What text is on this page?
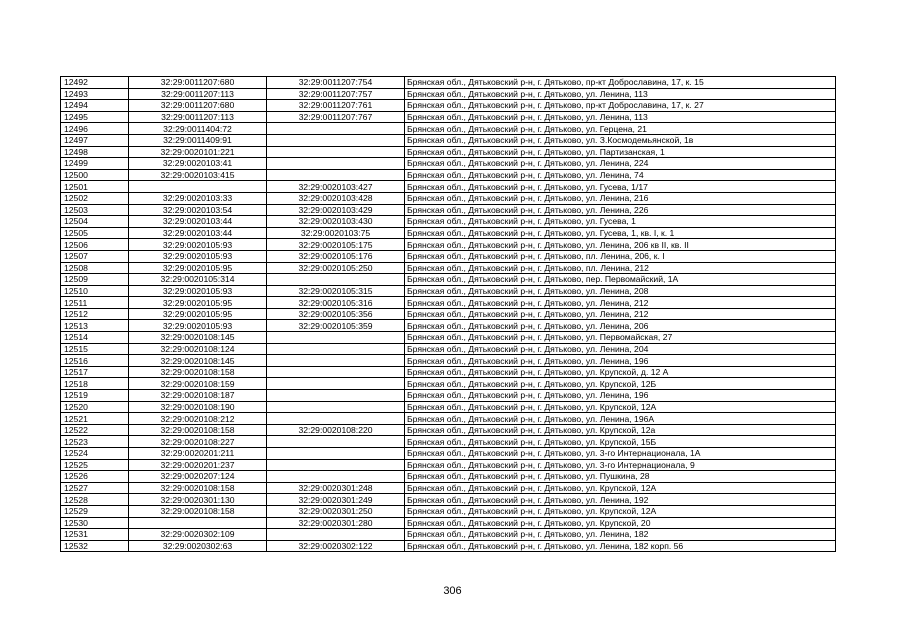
12492	32:29:0011207:680	32:29:0011207:754	Брянская обл., Дятьковский р-н, г. Дятьково, пр-кт Доброславина, 17, к. 15
12493	32:29:0011207:113	32:29:0011207:757	Брянская обл., Дятьковский р-н, г. Дятьково, ул. Ленина, 113
12494	32:29:0011207:680	32:29:0011207:761	Брянская обл., Дятьковский р-н, г. Дятьково, пр-кт Доброславина, 17, к. 27
12495	32:29:0011207:113	32:29:0011207:767	Брянская обл., Дятьковский р-н, г. Дятьково, ул. Ленина, 113
12496	32:29:0011404:72		Брянская обл., Дятьковский р-н, г. Дятьково, ул. Герцена, 21
12497	32:29:0011409:91		Брянская обл., Дятьковский р-н, г. Дятьково, ул. З.Космодемьянской, 1в
12498	32:29:0020101:221		Брянская обл., Дятьковский р-н, г. Дятьково, ул. Партизанская, 1
12499	32:29:0020103:41		Брянская обл., Дятьковский р-н, г. Дятьково, ул. Ленина, 224
12500	32:29:0020103:415		Брянская обл., Дятьковский р-н, г. Дятьково, ул. Ленина, 74
12501		32:29:0020103:427	Брянская обл., Дятьковский р-н, г. Дятьково, ул. Гусева, 1/17
12502	32:29:0020103:33	32:29:0020103:428	Брянская обл., Дятьковский р-н, г. Дятьково, ул. Ленина, 216
12503	32:29:0020103:54	32:29:0020103:429	Брянская обл., Дятьковский р-н, г. Дятьково, ул. Ленина, 226
12504	32:29:0020103:44	32:29:0020103:430	Брянская обл., Дятьковский р-н, г. Дятьково, ул. Гусева, 1
12505	32:29:0020103:44	32:29:0020103:75	Брянская обл., Дятьковский р-н, г. Дятьково, ул. Гусева, 1, кв. I, к. 1
12506	32:29:0020105:93	32:29:0020105:175	Брянская обл., Дятьковский р-н, г. Дятьково, ул. Ленина, 206 кв II, кв. II
12507	32:29:0020105:93	32:29:0020105:176	Брянская обл., Дятьковский р-н, г. Дятьково, пл. Ленина, 206, к. I
12508	32:29:0020105:95	32:29:0020105:250	Брянская обл., Дятьковский р-н, г. Дятьково, пл. Ленина, 212
12509	32:29:0020105:314		Брянская обл., Дятьковский р-н, г. Дятьково, пер. Первомайский, 1А
12510	32:29:0020105:93	32:29:0020105:315	Брянская обл., Дятьковский р-н, г. Дятьково, ул. Ленина, 208
12511	32:29:0020105:95	32:29:0020105:316	Брянская обл., Дятьковский р-н, г. Дятьково, ул. Ленина, 212
12512	32:29:0020105:95	32:29:0020105:356	Брянская обл., Дятьковский р-н, г. Дятьково, ул. Ленина, 212
12513	32:29:0020105:93	32:29:0020105:359	Брянская обл., Дятьковский р-н, г. Дятьково, ул. Ленина, 206
12514	32:29:0020108:145		Брянская обл., Дятьковский р-н, г. Дятьково, ул. Первомайская, 27
12515	32:29:0020108:124		Брянская обл., Дятьковский р-н, г. Дятьково, ул. Ленина, 204
12516	32:29:0020108:145		Брянская обл., Дятьковский р-н, г. Дятьково, ул. Ленина, 196
12517	32:29:0020108:158		Брянская обл., Дятьковский р-н, г. Дятьково, ул. Крупской, д. 12 А
12518	32:29:0020108:159		Брянская обл., Дятьковский р-н, г. Дятьково, ул. Крупской, 12Б
12519	32:29:0020108:187		Брянская обл., Дятьковский р-н, г. Дятьково, ул. Ленина, 196
12520	32:29:0020108:190		Брянская обл., Дятьковский р-н, г. Дятьково, ул. Крупской, 12А
12521	32:29:0020108:212		Брянская обл., Дятьковский р-н, г. Дятьково, ул. Ленина, 196А
12522	32:29:0020108:158	32:29:0020108:220	Брянская обл., Дятьковский р-н, г. Дятьково, ул. Крупской, 12а
12523	32:29:0020108:227		Брянская обл., Дятьковский р-н, г. Дятьково, ул. Крупской, 15Б
12524	32:29:0020201:211		Брянская обл., Дятьковский р-н, г. Дятьково, ул. 3-го Интернационала, 1А
12525	32:29:0020201:237		Брянская обл., Дятьковский р-н, г. Дятьково, ул. 3-го Интернационала, 9
12526	32:29:0020207:124		Брянская обл., Дятьковский р-н, г. Дятьково, ул. Пушкина, 28
12527	32:29:0020108:158	32:29:0020301:248	Брянская обл., Дятьковский р-н, г. Дятьково, ул. Крупской, 12А
12528	32:29:0020301:130	32:29:0020301:249	Брянская обл., Дятьковский р-н, г. Дятьково, ул. Ленина, 192
12529	32:29:0020108:158	32:29:0020301:250	Брянская обл., Дятьковский р-н, г. Дятьково, ул. Крупской, 12А
12530		32:29:0020301:280	Брянская обл., Дятьковский р-н, г. Дятьково, ул. Крупской, 20
12531	32:29:0020302:109		Брянская обл., Дятьковский р-н, г. Дятьково, ул. Ленина, 182
12532	32:29:0020302:63	32:29:0020302:122	Брянская обл., Дятьковский р-н, г. Дятьково, ул. Ленина, 182 корп. 56
306
